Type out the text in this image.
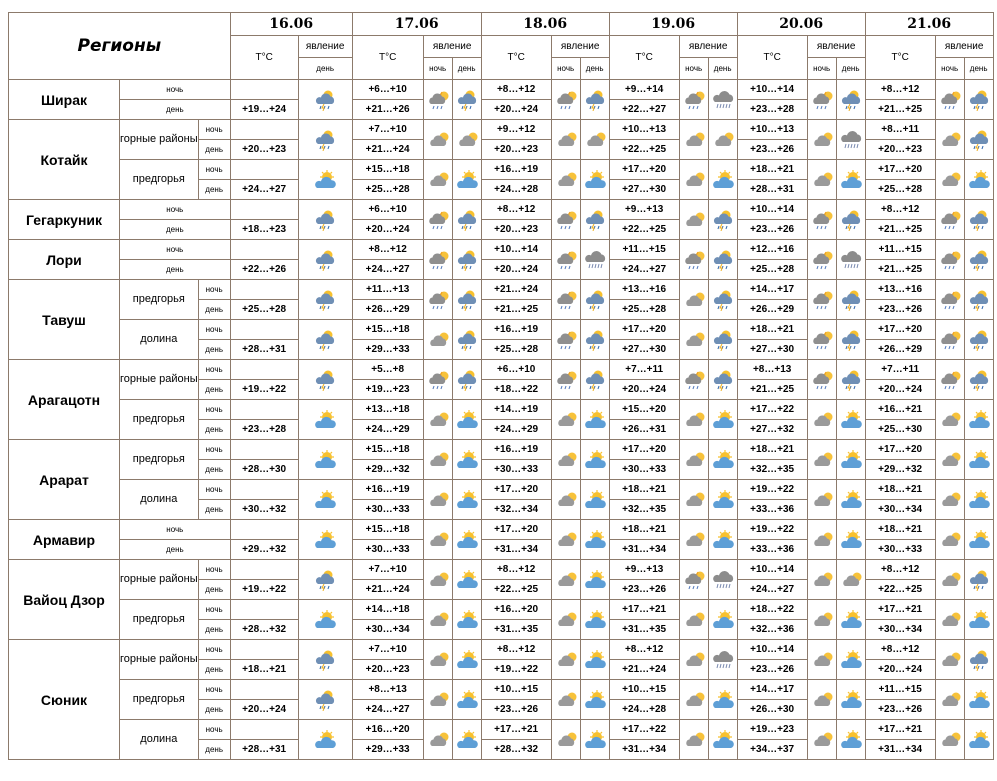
Регионы			16.06		17.06			18.06			19.06			20.06			21.06		
			T°C	явление	T°C	явление		T°C	явление		T°C	явление		T°C	явление		T°C	явление	
				день		ночь	день		ночь	день		ночь	день		ночь	день		ночь	день
Ширак	ночь				+6…+10			+8…+12			+9…+14			+10…+14			+8…+12		
	день		+19…+24		+21…+26			+20…+24			+22…+27			+23…+28			+21…+25		
Котайк	горные районы	ночь			+7…+10			+9…+12			+10…+13			+10…+13			+8…+11		
		день	+20…+23		+21…+24			+20…+23			+22…+25			+23…+26			+20…+23		
	предгорья	ночь			+15…+18			+16…+19			+17…+20			+18…+21			+17…+20		
		день	+24…+27		+25…+28			+24…+28			+27…+30			+28…+31			+25…+28		
Гегаркуник	ночь				+6…+10			+8…+12			+9…+13			+10…+14			+8…+12		
	день		+18…+23		+20…+24			+20…+23			+22…+25			+23…+26			+21…+25		
Лори	ночь				+8…+12			+10…+14			+11…+15			+12…+16			+11…+15		
	день		+22…+26		+24…+27			+20…+24			+24…+27			+25…+28			+21…+25		
Тавуш	предгорья	ночь			+11…+13			+21…+24			+13…+16			+14…+17			+13…+16		
		день	+25…+28		+26…+29			+21…+25			+25…+28			+26…+29			+23…+26		
	долина	ночь			+15…+18			+16…+19			+17…+20			+18…+21			+17…+20		
		день	+28…+31		+29…+33			+25…+28			+27…+30			+27…+30			+26…+29		
Арагацотн	горные районы	ночь			+5…+8			+6…+10			+7…+11			+8…+13			+7…+11		
		день	+19…+22		+19…+23			+18…+22			+20…+24			+21…+25			+20…+24		
	предгорья	ночь			+13…+18			+14…+19			+15…+20			+17…+22			+16…+21		
		день	+23…+28		+24…+29			+24…+29			+26…+31			+27…+32			+25…+30		
Арарат	предгорья	ночь			+15…+18			+16…+19			+17…+20			+18…+21			+17…+20		
		день	+28…+30		+29…+32			+30…+33			+30…+33			+32…+35			+29…+32		
	долина	ночь			+16…+19			+17…+20			+18…+21			+19…+22			+18…+21		
		день	+30…+32		+30…+33			+32…+34			+32…+35			+33…+36			+30…+34		
Армавир	ночь				+15…+18			+17…+20			+18…+21			+19…+22			+18…+21		
	день		+29…+32		+30…+33			+31…+34			+31…+34			+33…+36			+30…+33		
Вайоц Дзор	горные районы	ночь			+7…+10			+8…+12			+9…+13			+10…+14			+8…+12		
		день	+19…+22		+21…+24			+22…+25			+23…+26			+24…+27			+22…+25		
	предгорья	ночь			+14…+18			+16…+20			+17…+21			+18…+22			+17…+21		
		день	+28…+32		+30…+34			+31…+35			+31…+35			+32…+36			+30…+34		
Сюник	горные районы	ночь			+7…+10			+8…+12			+8…+12			+10…+14			+8…+12		
		день	+18…+21		+20…+23			+19…+22			+21…+24			+23…+26			+20…+24		
	предгорья	ночь			+8…+13			+10…+15			+10…+15			+14…+17			+11…+15		
		день	+20…+24		+24…+27			+23…+26			+24…+28			+26…+30			+23…+26		
	долина	ночь			+16…+20			+17…+21			+17…+22			+19…+23			+17…+21		
		день	+28…+31		+29…+33			+28…+32			+31…+34			+34…+37			+31…+34		
